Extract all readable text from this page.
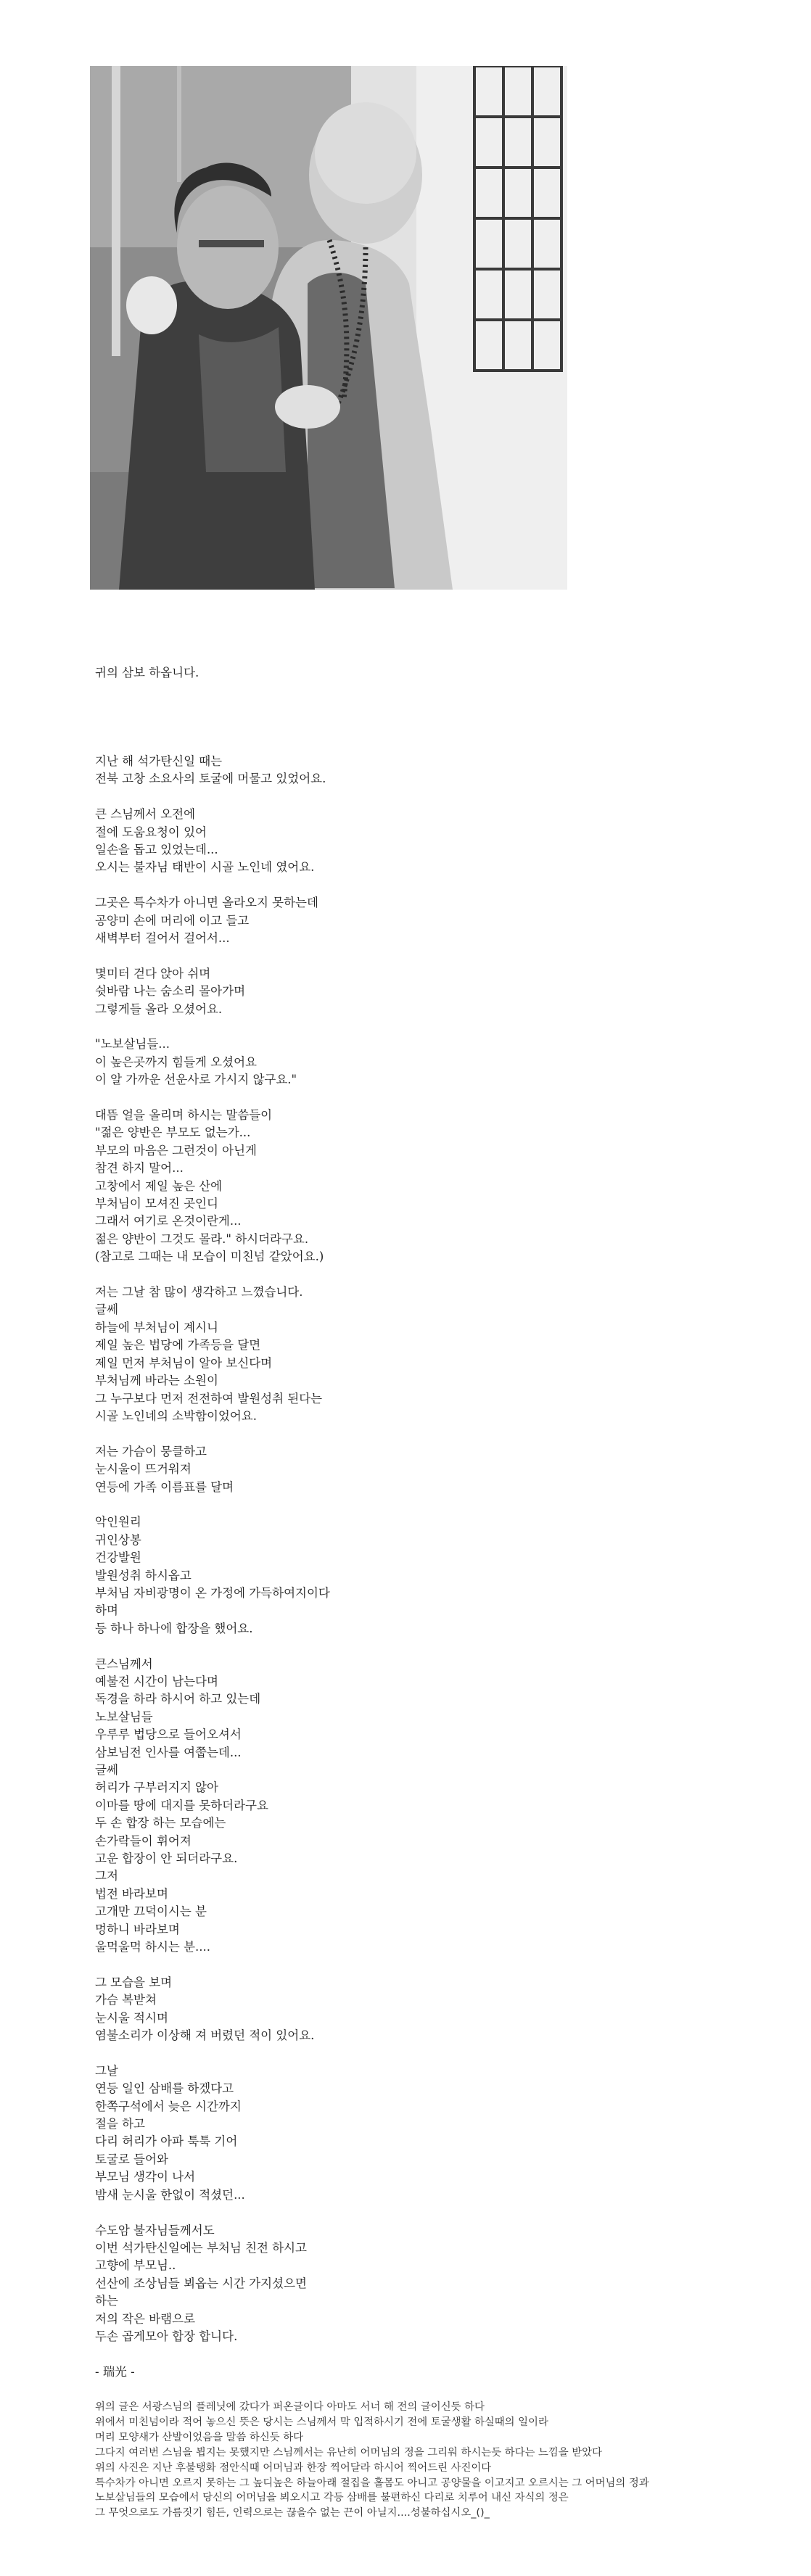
귀의 삼보 하옵니다.
지난 해 석가탄신일 때는
전북 고창 소요사의 토굴에 머물고 있었어요.
큰 스님께서 오전에
절에 도움요청이 있어
일손을 돕고 있었는데...
오시는 불자님 태반이 시골 노인네 였어요.
그곳은 특수차가 아니면 올라오지 못하는데
공양미 손에 머리에 이고 들고
새벽부터 걸어서 걸어서...
몇미터 걷다 앉아 쉬며
쉿바람 나는 숨소리 몰아가며
그렇게들 올라 오셨어요.
"노보살님들...
이 높은곳까지 힘들게 오셨어요
이 알 가까운 선운사로 가시지 않구요."
대뜸 얼을 올리며 하시는 말씀들이
"젊은 양반은 부모도 없는가...
부모의 마음은 그런것이 아닌게
참견 하지 말어...
고창에서 제일 높은 산에
부처님이 모셔진 곳인디
그래서 여기로 온것이란게...
젊은 양반이 그것도 몰라." 하시더라구요.
(참고로 그때는 내 모습이 미친넘 같았어요.)
저는 그날 참 많이 생각하고 느꼈습니다.
글쎄
하늘에 부처님이 계시니
제일 높은 법당에 가족등을 달면
제일 먼저 부처님이 알아 보신다며
부처님께 바라는 소원이
그 누구보다 먼저 전전하여 발원성취 된다는
시골 노인네의 소박함이었어요.
저는 가슴이 뭉클하고
눈시울이 뜨거워져
연등에 가족 이름표를 달며
악인원리
귀인상봉
건강발원
발원성취 하시옵고
부처님 자비광명이 온 가정에 가득하여지이다
하며
등 하나 하나에 합장을 했어요.
큰스님께서
예불전 시간이 남는다며
독경을 하라 하시어 하고 있는데
노보살님들
우루루 법당으로 들어오셔서
삼보님전 인사를 여쭙는데...
글쎄
허리가 구부러지지 않아
이마를 땅에 대지를 못하더라구요
두 손 합장 하는 모습에는
손가락들이 휘어져
고운 합장이 안 되더라구요.
그저
법전 바라보며
고개만 끄덕이시는 분
멍하니 바라보며
울먹울먹 하시는 분....
그 모습을 보며
가슴 복받쳐
눈시울 적시며
염불소리가 이상해 져 버렸던 적이 있어요.
그날
연등 일인 삼배를 하겠다고
한쪽구석에서 늦은 시간까지
절을 하고
다리 허리가 아파 툭툭 기어
토굴로 들어와
부모님 생각이 나서
밤새 눈시울 한없이 적셨던...
수도암 불자님들께서도
이번 석가탄신일에는 부처님 친전 하시고
고향에 부모님..
선산에 조상님들 뵈옵는 시간 가지셨으면
하는
저의 작은 바램으로
두손 곱게모아 합장 합니다.
- 瑞光 -
위의 글은 서광스님의 플레닛에 갔다가 퍼온글이다 아마도 서너 해 전의 글이신듯 하다
위에서 미친넘이라 적어 놓으신 뜻은 당시는 스님께서 막 입적하시기 전에 토굴생활 하실때의 일이라
머리 모양새가 산발이었음을 말씀 하신듯 하다
그다지 여러번 스님을 뵙지는 못했지만 스님께서는 유난히 어머님의 정을 그리워 하시는듯 하다는 느낌을 받았다
위의 사진은 지난 후불탱화 점안식때 어머님과 한장 찍어달라 하시어 찍어드린 사진이다
특수차가 아니면 오르지 못하는 그 높디높은 하늘아래 절집을 홀몸도 아니고 공양물을 이고지고 오르시는 그 어머님의 정과
노보살님들의 모습에서 당신의 어머님을 뵈오시고 각등 삼배를 불편하신 다리로 치루어 내신 자식의 정은
그 무엇으로도 가름짓기 힘든, 인력으로는 끊을수 없는 끈이 아닐지....성불하십시오_()_
